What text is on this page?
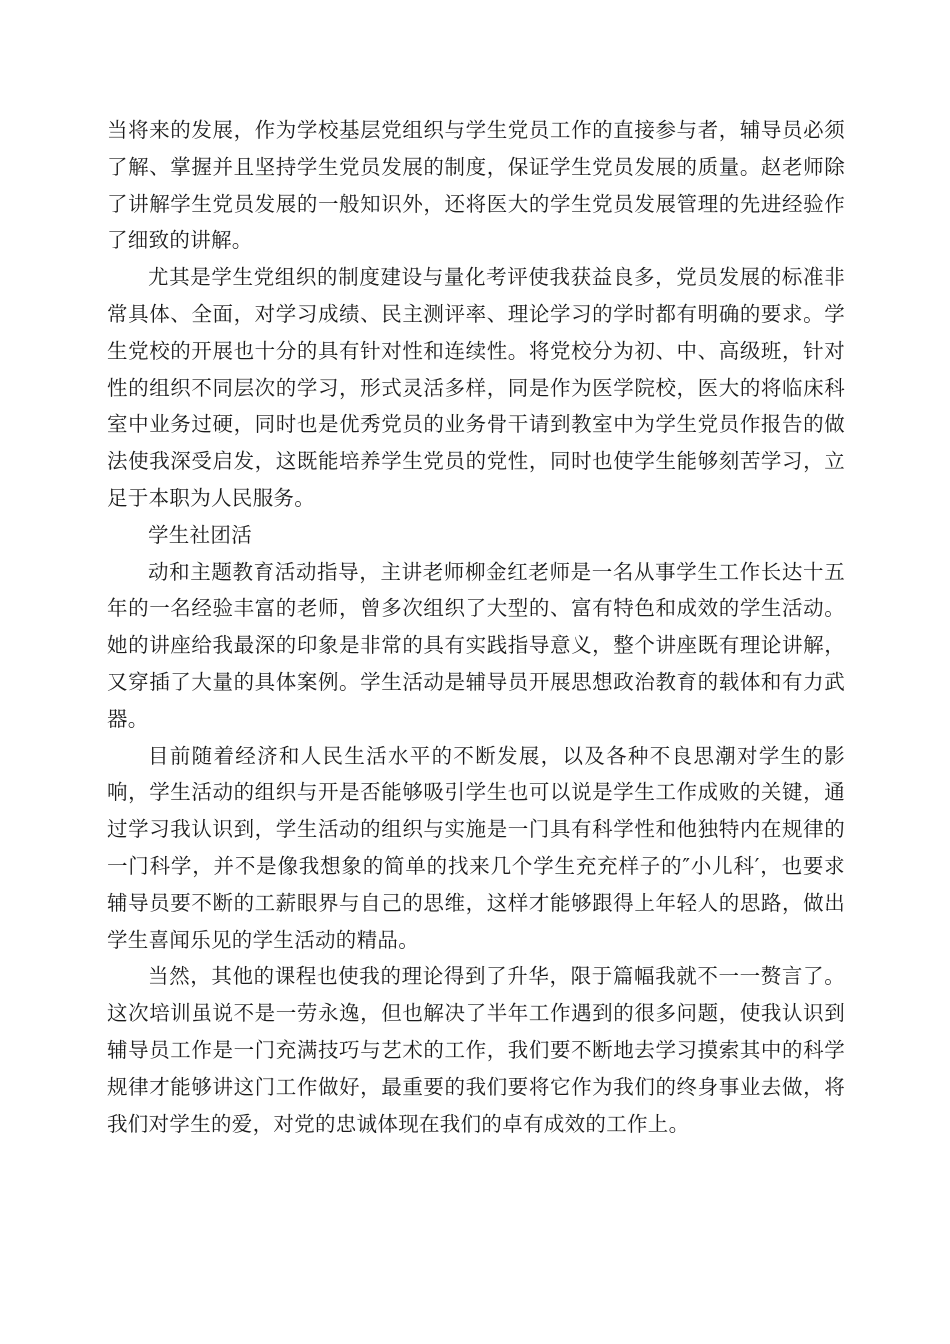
当将来的发展，作为学校基层党组织与学生党员工作的直接参与者，辅导员必须了解、掌握并且坚持学生党员发展的制度，保证学生党员发展的质量。赵老师除了讲解学生党员发展的一般知识外，还将医大的学生党员发展管理的先进经验作了细致的讲解。

尤其是学生党组织的制度建设与量化考评使我获益良多，党员发展的标准非常具体、全面，对学习成绩、民主测评率、理论学习的学时都有明确的要求。学生党校的开展也十分的具有针对性和连续性。将党校分为初、中、高级班，针对性的组织不同层次的学习，形式灵活多样，同是作为医学院校，医大的将临床科室中业务过硬，同时也是优秀党员的业务骨干请到教室中为学生党员作报告的做法使我深受启发，这既能培养学生党员的党性，同时也使学生能够刻苦学习，立足于本职为人民服务。

学生社团活

动和主题教育活动指导，主讲老师柳金红老师是一名从事学生工作长达十五年的一名经验丰富的老师，曾多次组织了大型的、富有特色和成效的学生活动。她的讲座给我最深的印象是非常的具有实践指导意义，整个讲座既有理论讲解，又穿插了大量的具体案例。学生活动是辅导员开展思想政治教育的载体和有力武器。

目前随着经济和人民生活水平的不断发展，以及各种不良思潮对学生的影响，学生活动的组织与开是否能够吸引学生也可以说是学生工作成败的关键，通过学习我认识到，学生活动的组织与实施是一门具有科学性和他独特内在规律的一门科学，并不是像我想象的简单的找来几个学生充充样子的″小儿科′，也要求辅导员要不断的工薪眼界与自己的思维，这样才能够跟得上年轻人的思路，做出学生喜闻乐见的学生活动的精品。

当然，其他的课程也使我的理论得到了升华，限于篇幅我就不一一赘言了。这次培训虽说不是一劳永逸，但也解决了半年工作遇到的很多问题，使我认识到辅导员工作是一门充满技巧与艺术的工作，我们要不断地去学习摸索其中的科学规律才能够讲这门工作做好，最重要的我们要将它作为我们的终身事业去做，将我们对学生的爱，对党的忠诚体现在我们的卓有成效的工作上。
